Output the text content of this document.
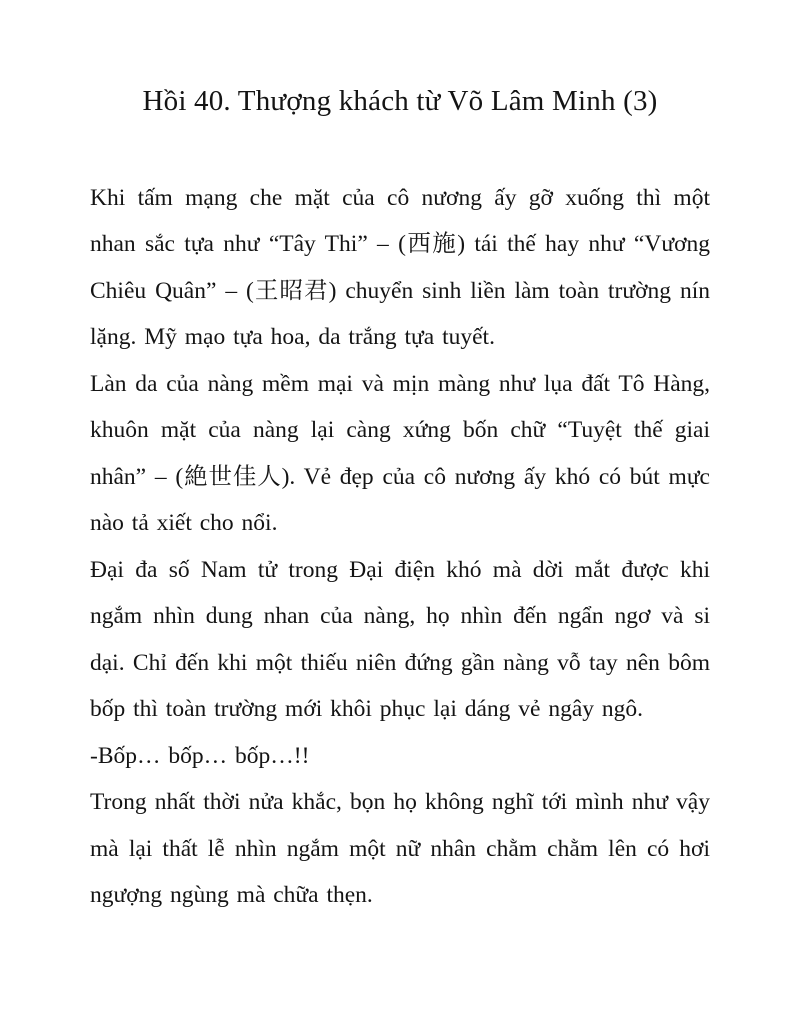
Hồi 40. Thượng khách từ Võ Lâm Minh (3)

Khi tấm mạng che mặt của cô nương ấy gỡ xuống thì một nhan sắc tựa như “Tây Thi” – (西施) tái thế hay như “Vương Chiêu Quân” – (王昭君) chuyển sinh liền làm toàn trường nín lặng. Mỹ mạo tựa hoa, da trắng tựa tuyết.

Làn da của nàng mềm mại và mịn màng như lụa đất Tô Hàng, khuôn mặt của nàng lại càng xứng bốn chữ “Tuyệt thế giai nhân” – (絶世佳人). Vẻ đẹp của cô nương ấy khó có bút mực nào tả xiết cho nổi.

Đại đa số Nam tử trong Đại điện khó mà dời mắt được khi ngắm nhìn dung nhan của nàng, họ nhìn đến ngẩn ngơ và si dại. Chỉ đến khi một thiếu niên đứng gần nàng vỗ tay nên bôm bốp thì toàn trường mới khôi phục lại dáng vẻ ngây ngô.

-Bốp… bốp… bốp…!!

Trong nhất thời nửa khắc, bọn họ không nghĩ tới mình như vậy mà lại thất lễ nhìn ngắm một nữ nhân chằm chằm lên có hơi ngượng ngùng mà chữa thẹn.
